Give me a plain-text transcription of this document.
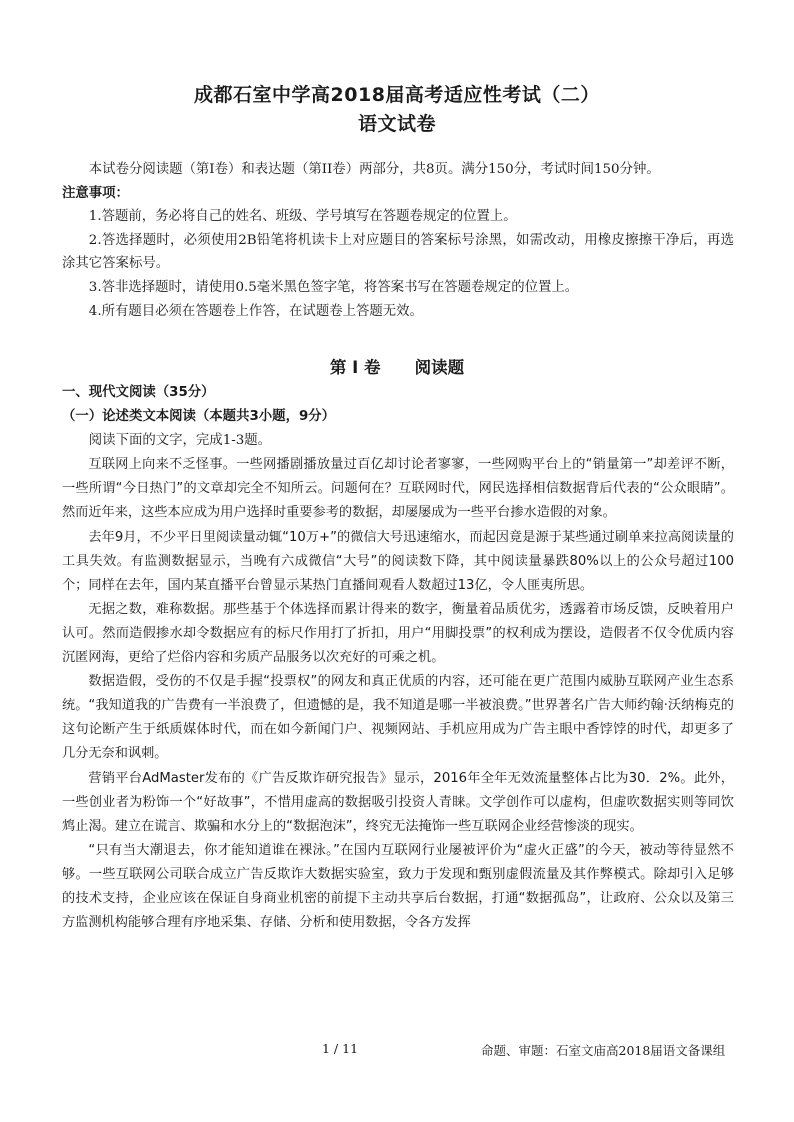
成都石室中学高2018届高考适应性考试（二）
语文试卷

本试卷分阅读题（第I卷）和表达题（第II卷）两部分，共8页。满分150分，考试时间150分钟。

注意事项：

1.答题前，务必将自己的姓名、班级、学号填写在答题卷规定的位置上。

2.答选择题时，必须使用2B铅笔将机读卡上对应题目的答案标号涂黑，如需改动，用橡皮擦擦干净后，再选涂其它答案标号。

3.答非选择题时，请使用0.5毫米黑色签字笔，将答案书写在答题卷规定的位置上。

4.所有题目必须在答题卷上作答，在试题卷上答题无效。

第 I 卷 阅读题

一、现代文阅读（35分）

（一）论述类文本阅读（本题共3小题，9分）

阅读下面的文字，完成1-3题。

互联网上向来不乏怪事。一些网播剧播放量过百亿却讨论者寥寥，一些网购平台上的“销量第一”却差评不断，一些所谓“今日热门”的文章却完全不知所云。问题何在？互联网时代，网民选择相信数据背后代表的“公众眼睛”。然而近年来，这些本应成为用户选择时重要参考的数据，却屡屡成为一些平台掺水造假的对象。

去年9月，不少平日里阅读量动辄“10万+”的微信大号迅速缩水，而起因竟是源于某些通过刷单来拉高阅读量的工具失效。有监测数据显示，当晚有六成微信“大号”的阅读数下降，其中阅读量暴跌80%以上的公众号超过100个；同样在去年，国内某直播平台曾显示某热门直播间观看人数超过13亿，令人匪夷所思。

无据之数，难称数据。那些基于个体选择而累计得来的数字，衡量着品质优劣，透露着市场反馈，反映着用户认可。然而造假掺水却令数据应有的标尺作用打了折扣，用户“用脚投票”的权利成为摆设，造假者不仅令优质内容沉匿网海，更给了烂俗内容和劣质产品服务以次充好的可乘之机。

数据造假，受伤的不仅是手握“投票权”的网友和真正优质的内容，还可能在更广范围内威胁互联网产业生态系统。“我知道我的广告费有一半浪费了，但遗憾的是，我不知道是哪一半被浪费。”世界著名广告大师约翰·沃纳梅克的这句论断产生于纸质媒体时代，而在如今新闻门户、视频网站、手机应用成为广告主眼中香饽饽的时代，却更多了几分无奈和讽刺。

营销平台AdMaster发布的《广告反欺诈研究报告》显示，2016年全年无效流量整体占比为30．2%。此外，一些创业者为粉饰一个“好故事”，不惜用虚高的数据吸引投资人青睐。文学创作可以虚构，但虚吹数据实则等同饮鸩止渴。建立在谎言、欺骗和水分上的“数据泡沫”，终究无法掩饰一些互联网企业经营惨淡的现实。

“只有当大潮退去，你才能知道谁在裸泳。”在国内互联网行业屡被评价为“虚火正盛”的今天，被动等待显然不够。一些互联网公司联合成立广告反欺诈大数据实验室，致力于发现和甄别虚假流量及其作弊模式。除却引入足够的技术支持，企业应该在保证自身商业机密的前提下主动共享后台数据，打通“数据孤岛”，让政府、公众以及第三方监测机构能够合理有序地采集、存储、分析和使用数据，令各方发挥

1 / 11	命题、审题：石室文庙高2018届语文备课组
